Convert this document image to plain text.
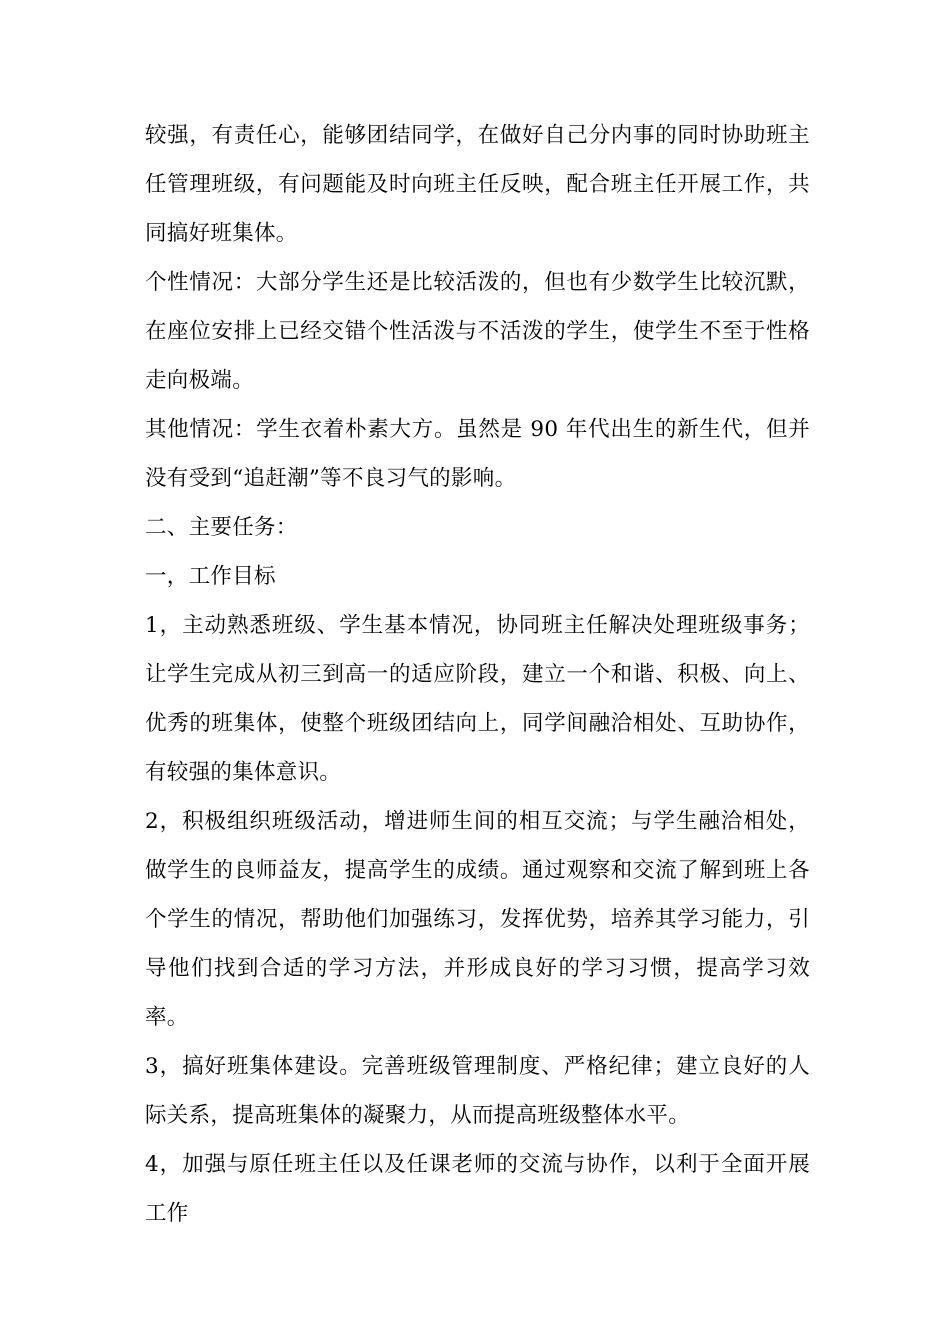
较强，有责任心，能够团结同学，在做好自己分内事的同时协助班主任管理班级，有问题能及时向班主任反映，配合班主任开展工作，共同搞好班集体。

个性情况：大部分学生还是比较活泼的，但也有少数学生比较沉默，在座位安排上已经交错个性活泼与不活泼的学生，使学生不至于性格走向极端。

其他情况：学生衣着朴素大方。虽然是 90 年代出生的新生代，但并没有受到“追赶潮”等不良习气的影响。

二、主要任务：

一，工作目标

1，主动熟悉班级、学生基本情况，协同班主任解决处理班级事务；让学生完成从初三到高一的适应阶段，建立一个和谐、积极、向上、优秀的班集体，使整个班级团结向上，同学间融洽相处、互助协作，有较强的集体意识。

2，积极组织班级活动，增进师生间的相互交流；与学生融洽相处，做学生的良师益友，提高学生的成绩。通过观察和交流了解到班上各个学生的情况，帮助他们加强练习，发挥优势，培养其学习能力，引导他们找到合适的学习方法，并形成良好的学习习惯，提高学习效率。

3，搞好班集体建设。完善班级管理制度、严格纪律；建立良好的人际关系，提高班集体的凝聚力，从而提高班级整体水平。

4，加强与原任班主任以及任课老师的交流与协作，以利于全面开展工作
